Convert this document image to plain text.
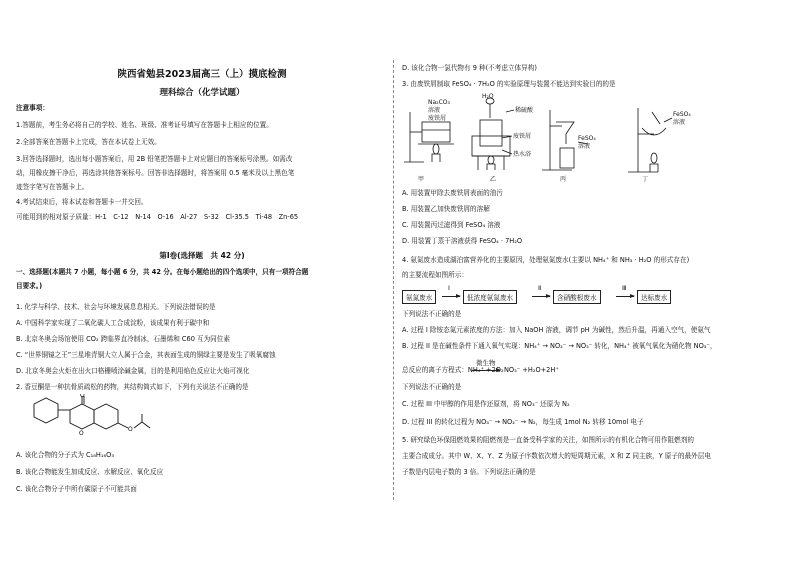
陕西省勉县2023届高三（上）摸底检测
理科综合（化学试题）
注意事项：
1.答题前，考生务必将自己的学校、姓名、班级、准考证号填写在答题卡上相应的位置。
2.全部答案在答题卡上完成，答在本试卷上无效。
3.回答选择题时，选出每小题答案后，用 2B 铅笔把答题卡上对应题目的答案标号涂黑。如需改
动，用橡皮擦干净后，再选涂其他答案标号。回答非选择题时，将答案用 0.5 毫米及以上黑色笔
迹签字笔写在答题卡上。
4.考试结束后，将本试卷和答题卡一并交回。
可能用到的相对原子质量：H-1　C-12　N-14　O-16　Al-27　S-32　Cl-35.5　Ti-48　Zn-65
第Ⅰ卷(选择题　共 42 分)
一、选择题(本题共 7 小题，每小题 6 分，共 42 分。在每小题给出的四个选项中，只有一项符合题
目要求。)
1. 化学与科学、技术、社会与环境发展息息相关。下列说法错误的是
A. 中国科学家实现了二氧化碳人工合成淀粉，该成果有利于碳中和
B. 北京冬奥会场馆使用 CO₂ 跨临界直冷制冰，石墨烯和 C60 互为同位素
C. “世界铜镜之王”三星堆青铜大立人属于合金，其表面生成的铜绿主要是发生了吸氧腐蚀
D. 北京冬奥会火炬在出火口格栅喷涂碱金属，目的是利用焰色反应让火焰可视化
2. 香豆酮是一种抗骨质疏松的药物，其结构简式如下，下列有关说法不正确的是
O
O
O
A. 该化合物的分子式为 C₁₈H₁₆O₃
B. 该化合物能发生加成反应、水解反应、氧化反应
C. 该化合物分子中所有碳原子不可能共面
D. 该化合物一氯代物有 9 种(不考虑立体异构)
3. 由废铁屑制取 FeSO₄ · 7H₂O 的实验原理与装置不能达到实验目的的是
Na₂CO₃
溶液
废铁屑
H₂O
稀硫酸
废铁屑
热水浴
FeSO₄
溶液
FeSO₄
溶液
甲	乙	丙	丁
A. 用装置甲除去废铁屑表面的油污
B. 用装置乙加快废铁屑的溶解
C. 用装置丙过滤得到 FeSO₄ 溶液
D. 用装置丁蒸干溶液获得 FeSO₄ · 7H₂O
4. 氨氮废水造成湖泊富营养化的主要原因，处理氨氮废水(主要以 NH₄⁺ 和 NH₃ · H₂O 的形式存在)
的主要流程如图所示：
氨氮废水
Ⅰ
低浓度氨氮废水
Ⅱ
含硝酸根废水
Ⅲ
达标废水
下列说法不正确的是
A. 过程 I 除铵态氮元素浓度的方法：加入 NaOH 溶液，调节 pH 为碱性，然后升温，再通入空气，使氨气
B. 过程 II 是在碱性条件下通入氧气实现：NH₄⁺ → NO₂⁻ → NO₃⁻ 转化，NH₄⁺ 被氧气氧化为硝化物 NO₃⁻，
总反应的离子方程式：NH₄⁺ +2O₂
微生物
NO₃⁻ +H₂O+2H⁺
下列说法不正确的是
C. 过程 III 中甲醇的作用是作还原剂，将 NO₃⁻ 还原为 N₂
D. 过程 III 的转化过程为 NO₃⁻ → NO₂⁻ → N₂，每生成 1mol N₂ 转移 10mol 电子
5. 研究绿色环保阻燃效果的阻燃剂是一直备受科学家的关注，如图所示的有机化合物可用作阻燃剂的
主要合成成分。其中 W、X、Y、Z 为原子序数依次增大的短周期元素，X 和 Z 同主族，Y 原子的最外层电
子数是内层电子数的 3 倍。下列说法正确的是
